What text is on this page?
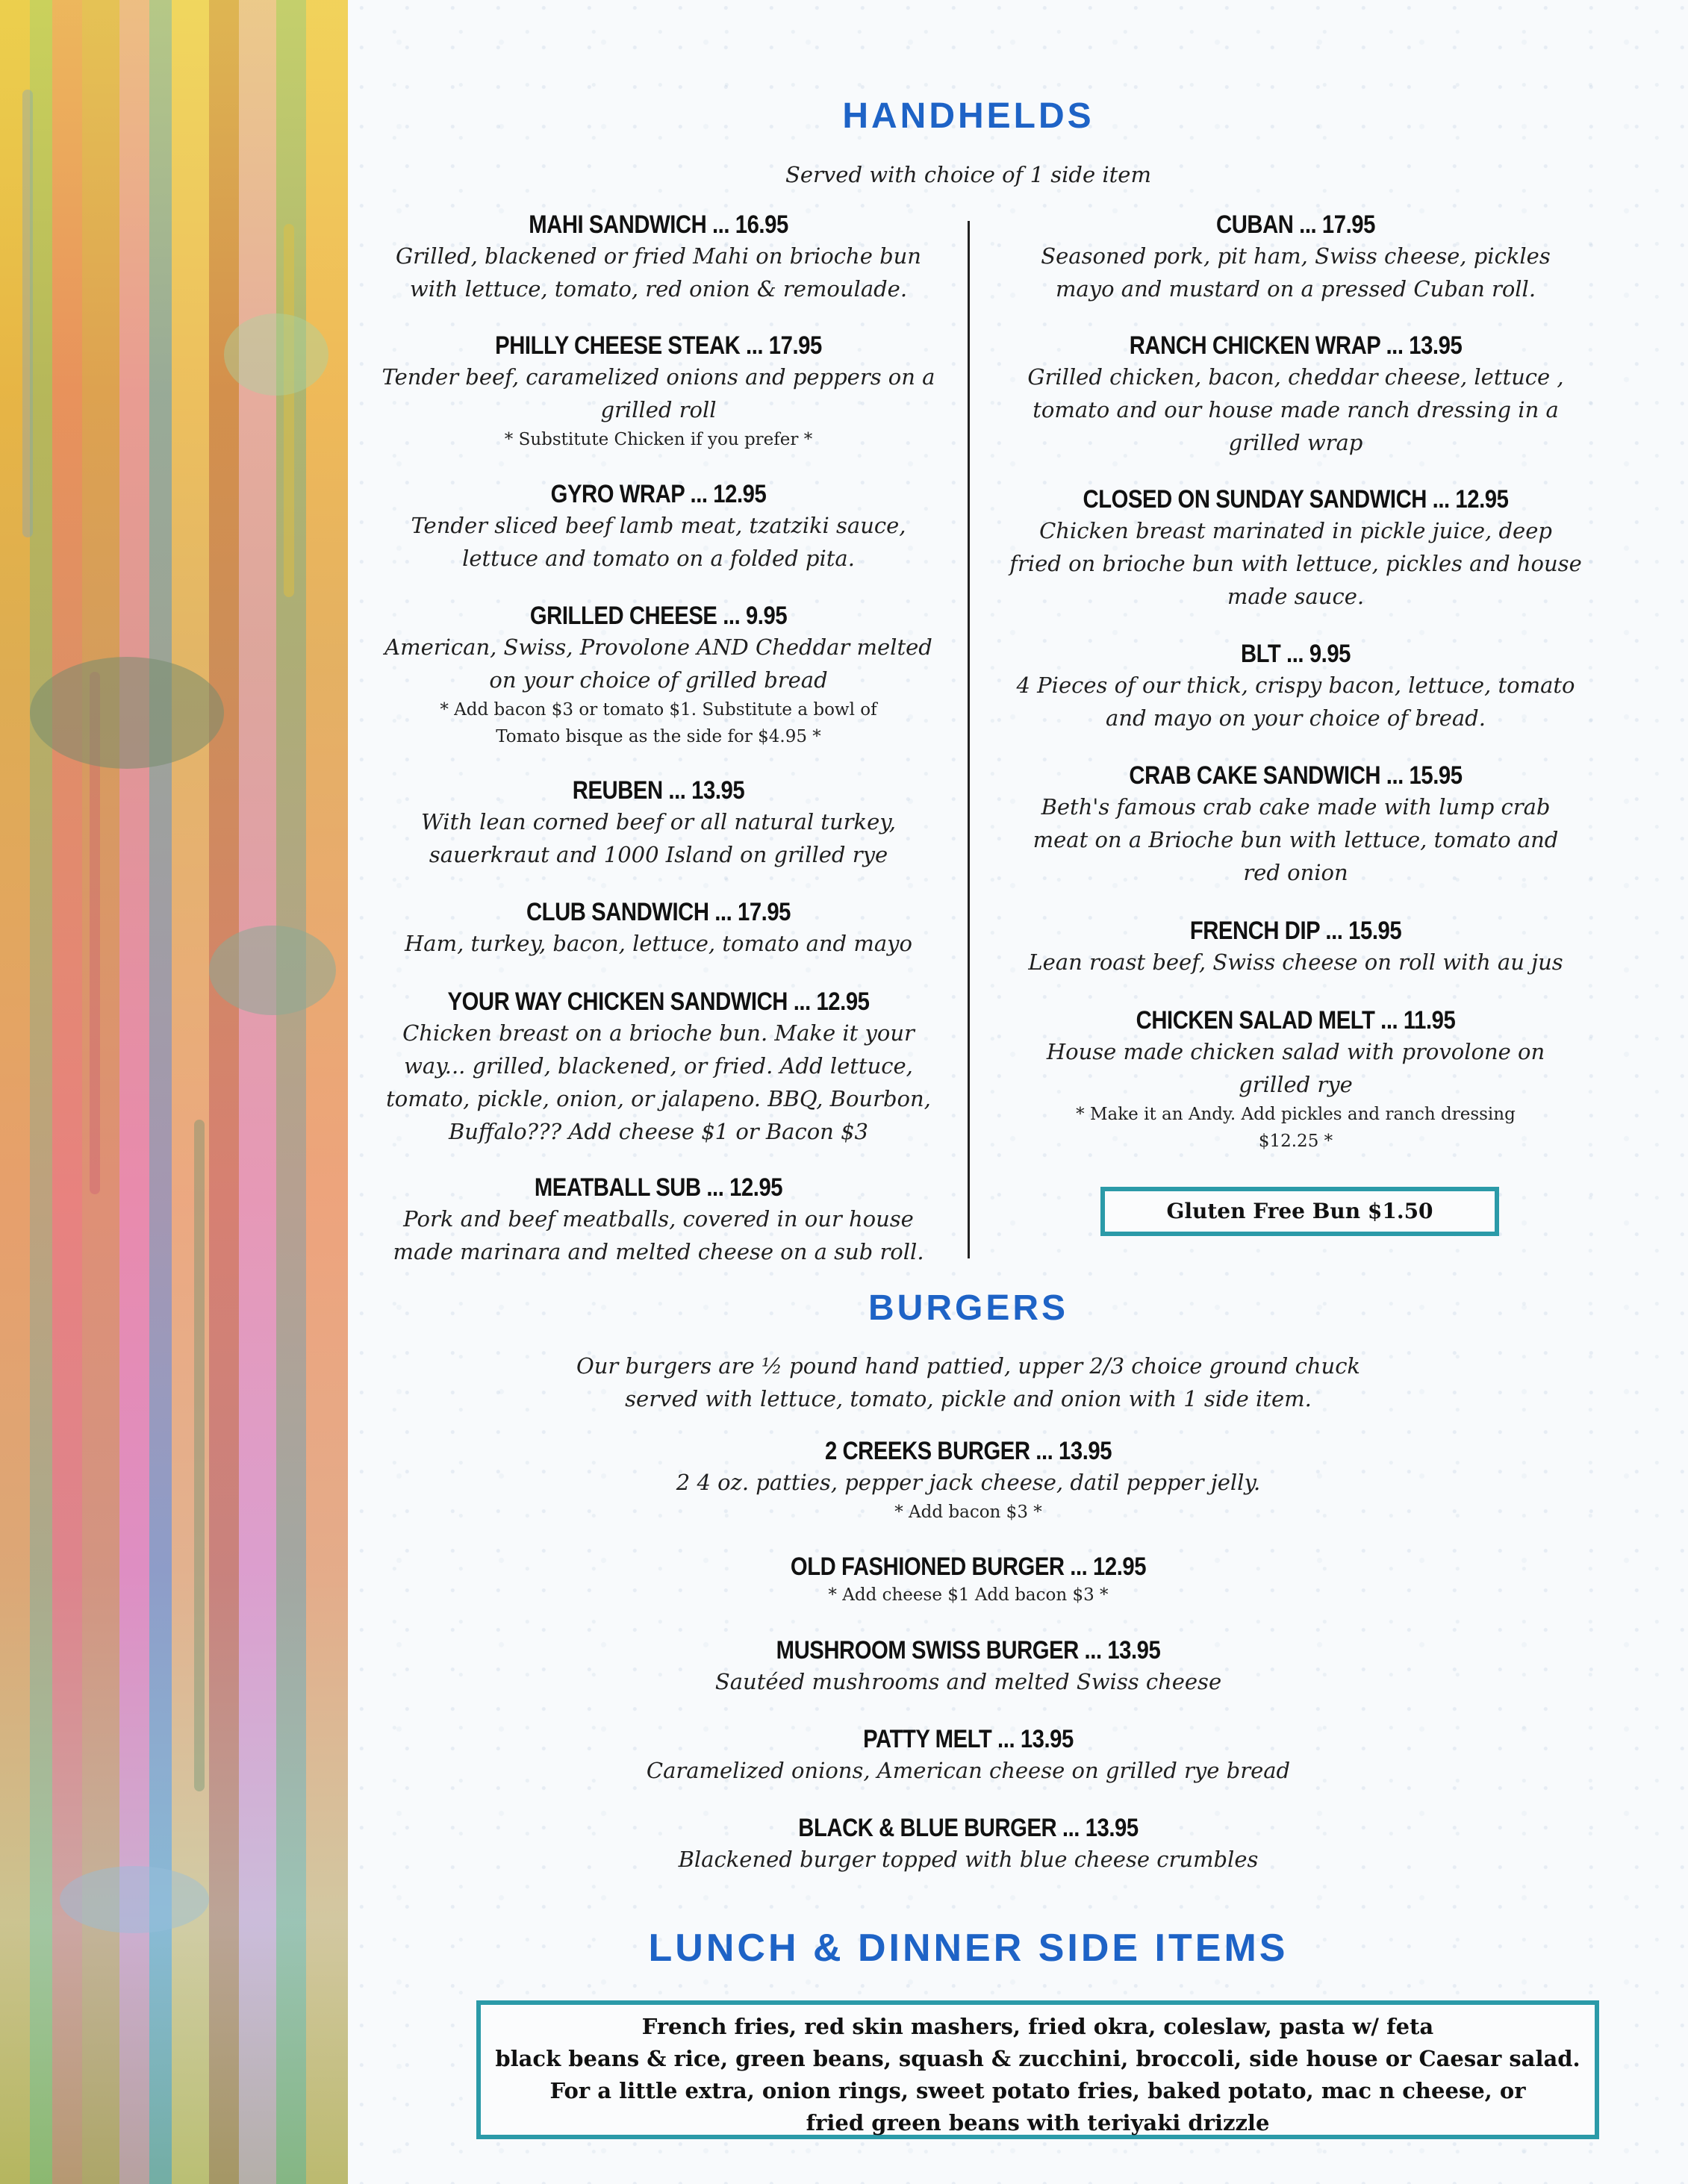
HANDHELDS
Served with choice of 1 side item
MAHI SANDWICH ... 16.95
Grilled, blackened or fried Mahi on brioche bun
with lettuce, tomato, red onion & remoulade.
PHILLY CHEESE STEAK ... 17.95
Tender beef, caramelized onions and peppers on a
grilled roll
* Substitute Chicken if you prefer *
GYRO WRAP ... 12.95
Tender sliced beef lamb meat, tzatziki sauce,
lettuce and tomato on a folded pita.
GRILLED CHEESE ... 9.95
American, Swiss, Provolone AND Cheddar melted
on your choice of grilled bread
* Add bacon $3 or tomato $1. Substitute a bowl of
Tomato bisque as the side for $4.95 *
REUBEN ... 13.95
With lean corned beef or all natural turkey,
sauerkraut and 1000 Island on grilled rye
CLUB SANDWICH ... 17.95
Ham, turkey, bacon, lettuce, tomato and mayo
YOUR WAY CHICKEN SANDWICH ... 12.95
Chicken breast on a brioche bun. Make it your
way... grilled, blackened, or fried. Add lettuce,
tomato, pickle, onion, or jalapeno. BBQ, Bourbon,
Buffalo??? Add cheese $1 or Bacon $3
MEATBALL SUB ... 12.95
Pork and beef meatballs, covered in our house
made marinara and melted cheese on a sub roll.
CUBAN ... 17.95
Seasoned pork, pit ham, Swiss cheese, pickles
mayo and mustard on a pressed Cuban roll.
RANCH CHICKEN WRAP ... 13.95
Grilled chicken, bacon, cheddar cheese, lettuce ,
tomato and our house made ranch dressing in a
grilled wrap
CLOSED ON SUNDAY SANDWICH ... 12.95
Chicken breast marinated in pickle juice, deep
fried on brioche bun with lettuce, pickles and house
made sauce.
BLT ... 9.95
4 Pieces of our thick, crispy bacon, lettuce, tomato
and mayo on your choice of bread.
CRAB CAKE SANDWICH ... 15.95
Beth's famous crab cake made with lump crab
meat on a Brioche bun with lettuce, tomato and
red onion
FRENCH DIP ... 15.95
Lean roast beef, Swiss cheese on roll with au jus
CHICKEN SALAD MELT ... 11.95
House made chicken salad with provolone on
grilled rye
* Make it an Andy. Add pickles and ranch dressing
$12.25 *
Gluten Free Bun $1.50
BURGERS
Our burgers are ½ pound hand pattied, upper 2/3 choice ground chuck
served with lettuce, tomato, pickle and onion with 1 side item.
2 CREEKS BURGER ... 13.95
2 4 oz. patties, pepper jack cheese, datil pepper jelly.
* Add bacon $3 *
OLD FASHIONED BURGER ... 12.95
* Add cheese $1 Add bacon $3 *
MUSHROOM SWISS BURGER ... 13.95
Sautéed mushrooms and melted Swiss cheese
PATTY MELT ... 13.95
Caramelized onions, American cheese on grilled rye bread
BLACK & BLUE BURGER ... 13.95
Blackened burger topped with blue cheese crumbles
LUNCH & DINNER SIDE ITEMS
French fries, red skin mashers, fried okra, coleslaw, pasta w/ feta
black beans & rice, green beans, squash & zucchini, broccoli, side house or Caesar salad.
For a little extra, onion rings, sweet potato fries, baked potato, mac n cheese, or
fried green beans with teriyaki drizzle
